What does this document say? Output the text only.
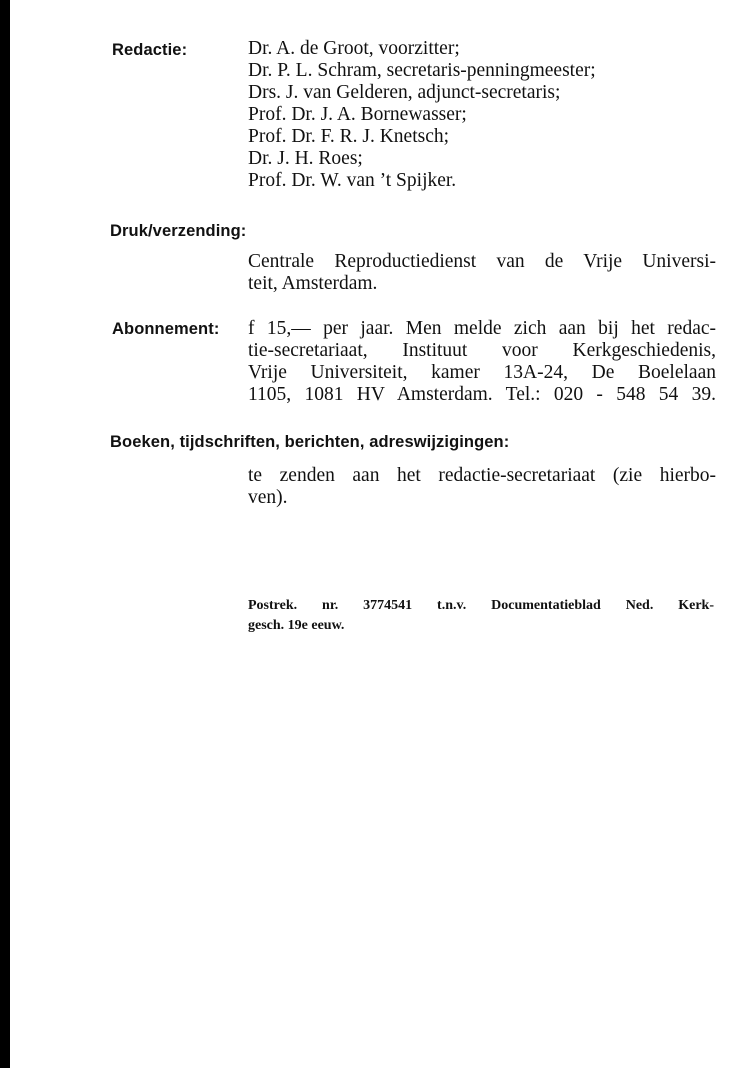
Redactie:	Dr. A. de Groot, voorzitter;
Dr. P. L. Schram, secretaris-penningmeester;
Drs. J. van Gelderen, adjunct-secretaris;
Prof. Dr. J. A. Bornewasser;
Prof. Dr. F. R. J. Knetsch;
Dr. J. H. Roes;
Prof. Dr. W. van ’t Spijker.
Druk/verzending:
Centrale Reproductiedienst van de Vrije Universi-
teit, Amsterdam.
Abonnement: f 15,— per jaar. Men melde zich aan bij het redac-
tie-secretariaat, Instituut voor Kerkgeschiedenis,
Vrije Universiteit, kamer 13A-24, De Boelelaan
1105, 1081 HV Amsterdam. Tel.: 020 - 548 54 39.
Boeken, tijdschriften, berichten, adreswijzigingen:
te zenden aan het redactie-secretariaat (zie hierbo-
ven).
Postrek. nr. 3774541 t.n.v. Documentatieblad Ned. Kerk-
gesch. 19e eeuw.
